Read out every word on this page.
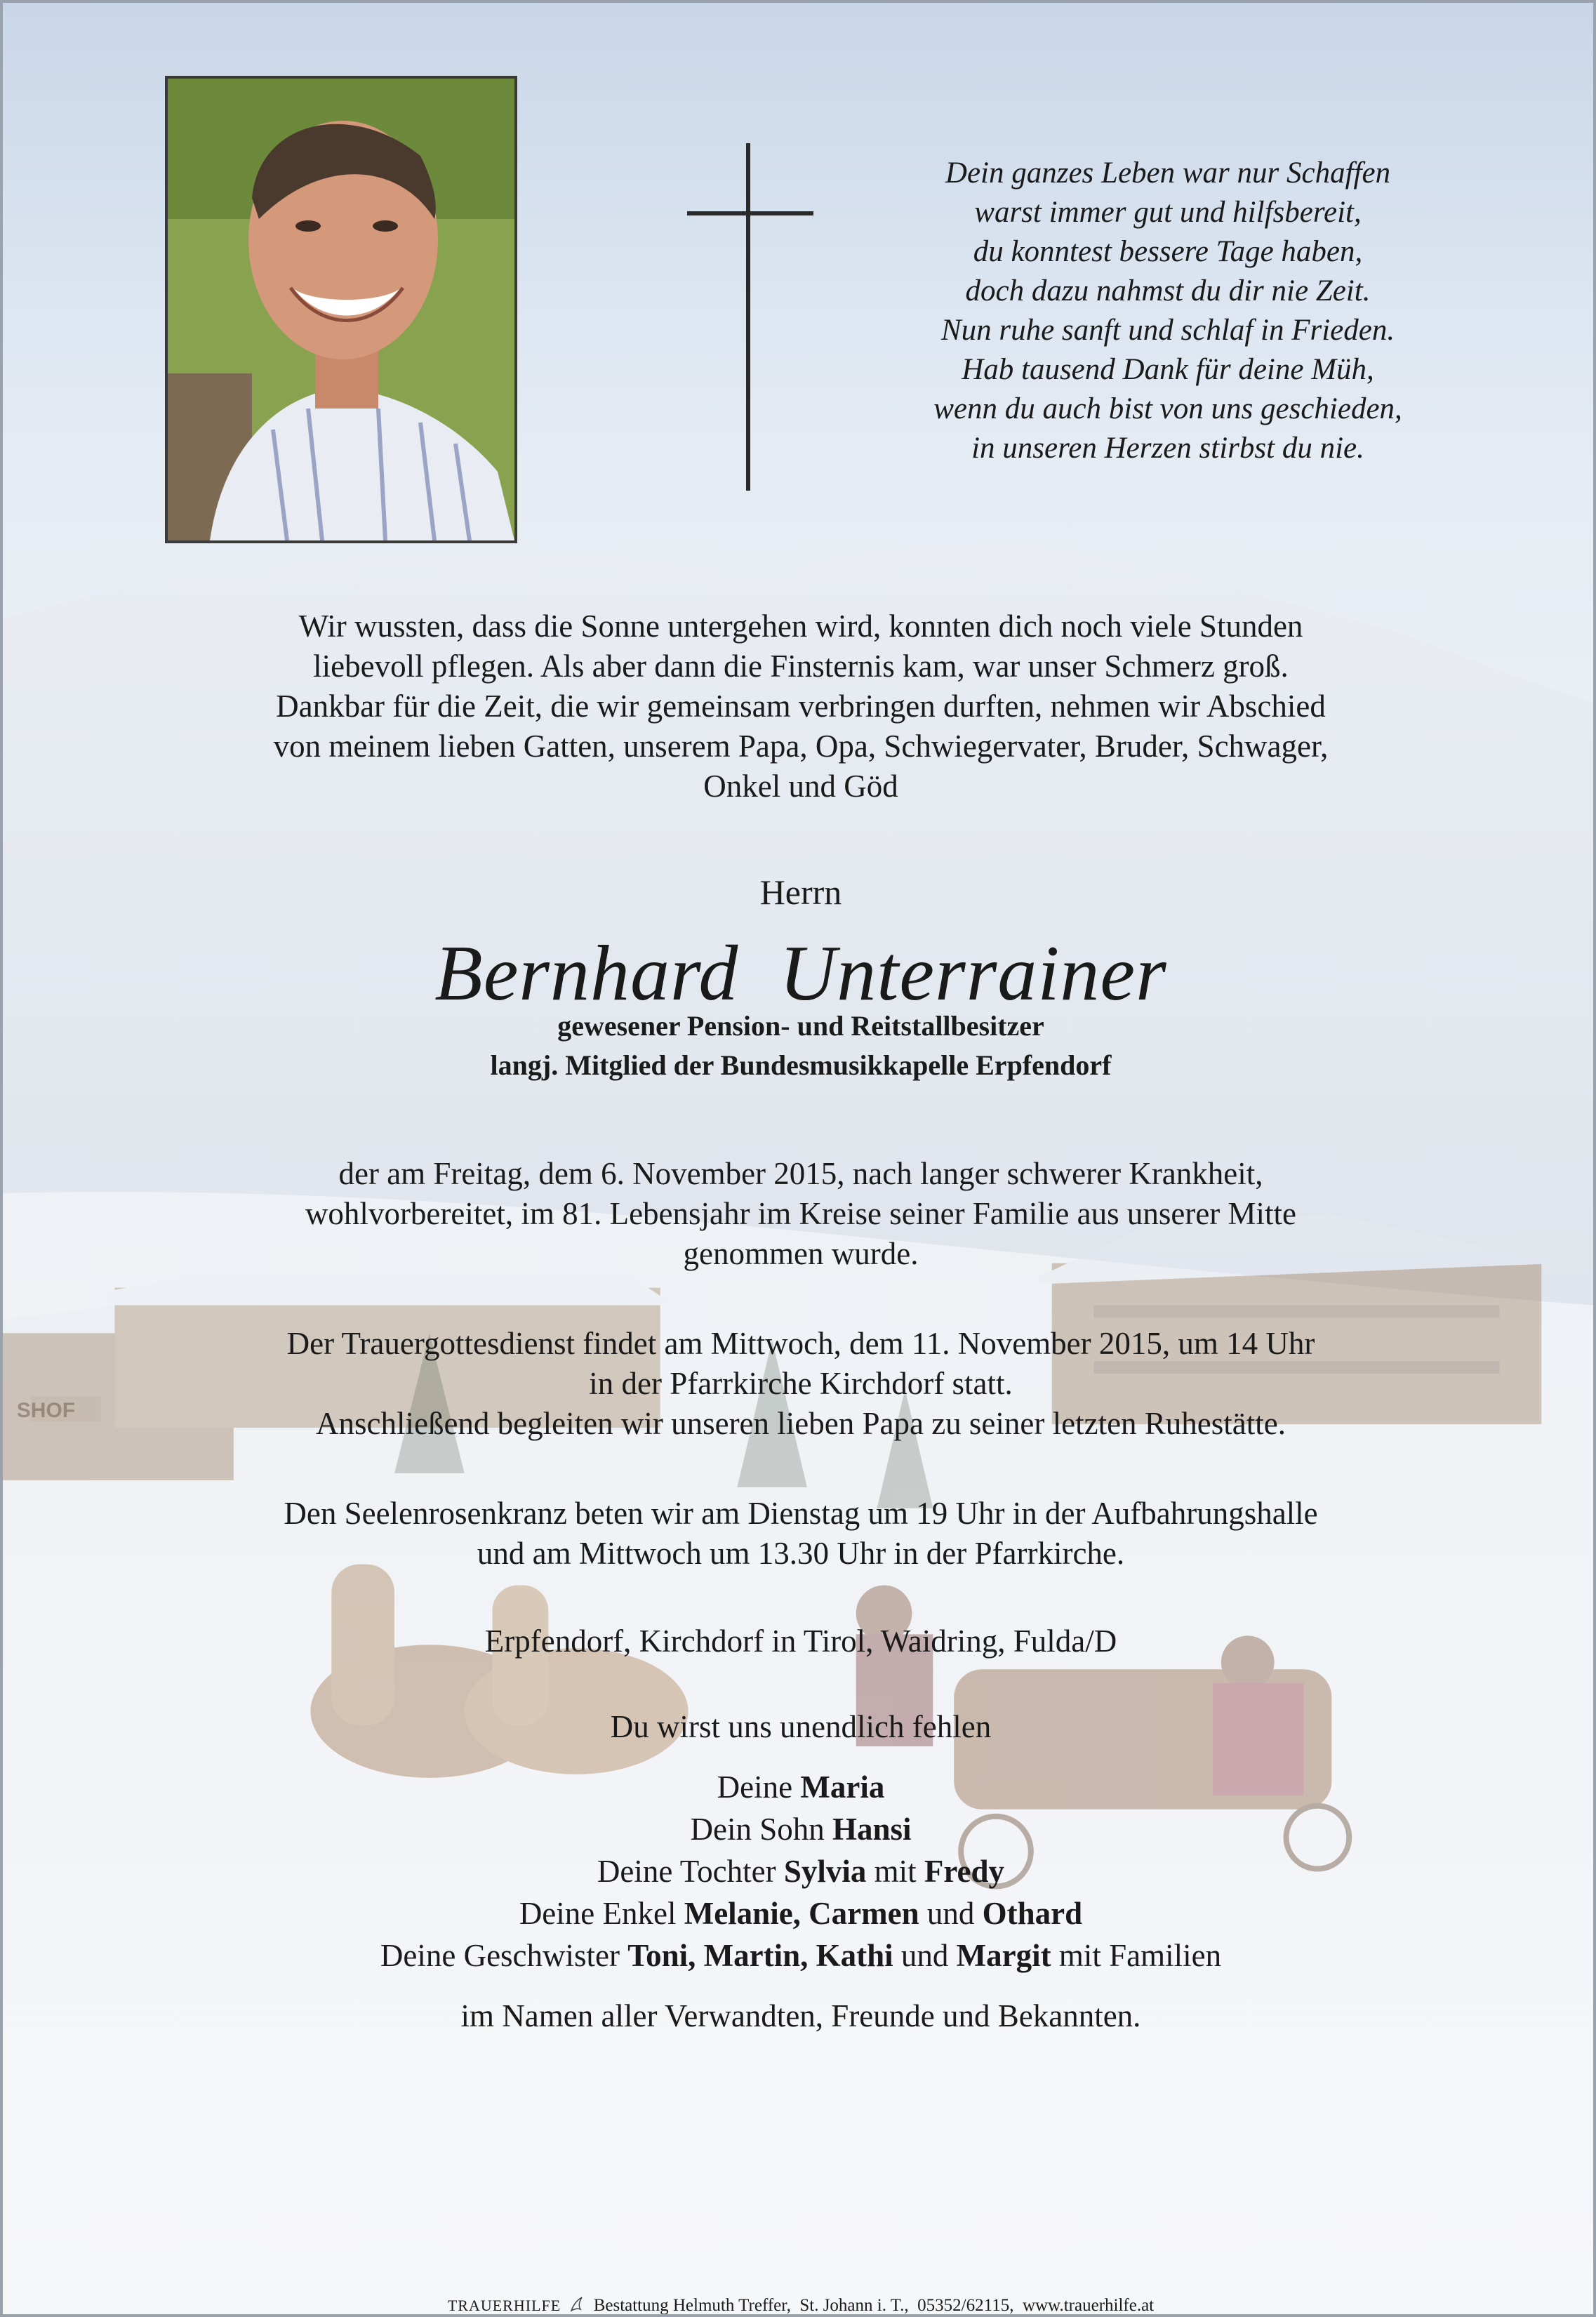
SHOF
Dein ganzes Leben war nur Schaffen
warst immer gut und hilfsbereit,
du konntest bessere Tage haben,
doch dazu nahmst du dir nie Zeit.
Nun ruhe sanft und schlaf in Frieden.
Hab tausend Dank für deine Müh,
wenn du auch bist von uns geschieden,
in unseren Herzen stirbst du nie.
Wir wussten, dass die Sonne untergehen wird, konnten dich noch viele Stunden
liebevoll pflegen. Als aber dann die Finsternis kam, war unser Schmerz groß.
Dankbar für die Zeit, die wir gemeinsam verbringen durften, nehmen wir Abschied
von meinem lieben Gatten, unserem Papa, Opa, Schwiegervater, Bruder, Schwager,
Onkel und Göd
Herrn
Bernhard  Unterrainer
gewesener Pension- und Reitstallbesitzer
langj. Mitglied der Bundesmusikkapelle Erpfendorf
der am Freitag, dem 6. November 2015, nach langer schwerer Krankheit,
wohlvorbereitet, im 81. Lebensjahr im Kreise seiner Familie aus unserer Mitte
genommen wurde.
Der Trauergottesdienst findet am Mittwoch, dem 11. November 2015, um 14 Uhr
in der Pfarrkirche Kirchdorf statt.
Anschließend begleiten wir unseren lieben Papa zu seiner letzten Ruhestätte.
Den Seelenrosenkranz beten wir am Dienstag um 19 Uhr in der Aufbahrungshalle
und am Mittwoch um 13.30 Uhr in der Pfarrkirche.
Erpfendorf, Kirchdorf in Tirol, Waidring, Fulda/D
Du wirst uns unendlich fehlen
Deine Maria
Dein Sohn Hansi
Deine Tochter Sylvia mit Fredy
Deine Enkel Melanie, Carmen und Othard
Deine Geschwister Toni, Martin, Kathi und Margit mit Familien
im Namen aller Verwandten, Freunde und Bekannten.
TRAUERHILFE Bestattung Helmuth Treffer,  St. Johann i. T.,  05352/62115,  www.trauerhilfe.at
